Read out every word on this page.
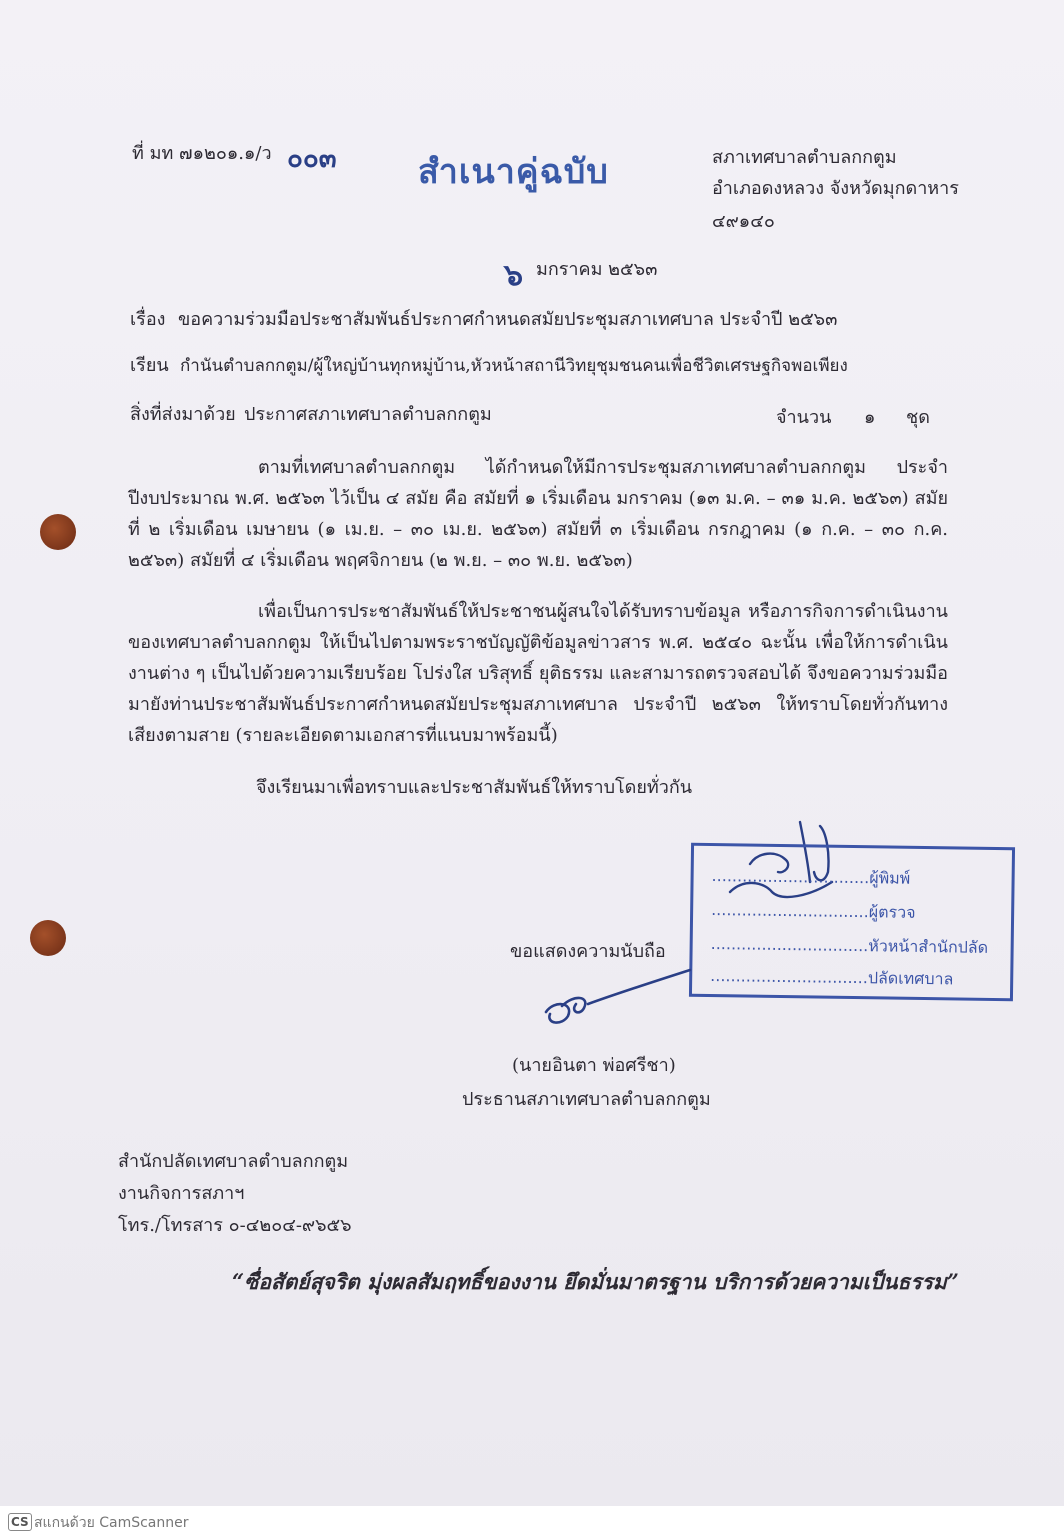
ที่ มท ๗๑๒๐๑.๑/ว ๐๐๓ สำเนาคู่ฉบับ	สภาเทศบาลตำบลกกตูม
อำเภอดงหลวง จังหวัดมุกดาหาร
๔๙๑๔๐
๖ มกราคม ๒๕๖๓
เรื่อง ขอความร่วมมือประชาสัมพันธ์ประกาศกำหนดสมัยประชุมสภาเทศบาล ประจำปี ๒๕๖๓
เรียน กำนันตำบลกกตูม/ผู้ใหญ่บ้านทุกหมู่บ้าน,หัวหน้าสถานีวิทยุชุมชนคนเพื่อชีวิตเศรษฐกิจพอเพียง
สิ่งที่ส่งมาด้วย ประกาศสภาเทศบาลตำบลกกตูม	จำนวน ๑ ชุด
ตามที่เทศบาลตำบลกกตูม ได้กำหนดให้มีการประชุมสภาเทศบาลตำบลกกตูม ประจำปีงบประมาณ พ.ศ. ๒๕๖๓ ไว้เป็น ๔ สมัย คือ สมัยที่ ๑ เริ่มเดือน มกราคม (๑๓ ม.ค. – ๓๑ ม.ค. ๒๕๖๓) สมัยที่ ๒ เริ่มเดือน เมษายน (๑ เม.ย. – ๓๐ เม.ย. ๒๕๖๓) สมัยที่ ๓ เริ่มเดือน กรกฎาคม (๑ ก.ค. – ๓๐ ก.ค. ๒๕๖๓) สมัยที่ ๔ เริ่มเดือน พฤศจิกายน (๒ พ.ย. – ๓๐ พ.ย. ๒๕๖๓)
เพื่อเป็นการประชาสัมพันธ์ให้ประชาชนผู้สนใจได้รับทราบข้อมูล หรือภารกิจการดำเนินงานของเทศบาลตำบลกกตูม ให้เป็นไปตามพระราชบัญญัติข้อมูลข่าวสาร พ.ศ. ๒๕๔๐ ฉะนั้น เพื่อให้การดำเนินงานต่าง ๆ เป็นไปด้วยความเรียบร้อย โปร่งใส บริสุทธิ์ ยุติธรรม และสามารถตรวจสอบได้ จึงขอความร่วมมือมายังท่านประชาสัมพันธ์ประกาศกำหนดสมัยประชุมสภาเทศบาล ประจำปี ๒๕๖๓ ให้ทราบโดยทั่วกันทางเสียงตามสาย (รายละเอียดตามเอกสารที่แนบมาพร้อมนี้)
จึงเรียนมาเพื่อทราบและประชาสัมพันธ์ให้ทราบโดยทั่วกัน
...............................ผู้พิมพ์
...............................ผู้ตรวจ
...............................หัวหน้าสำนักปลัด
...............................ปลัดเทศบาล
ขอแสดงความนับถือ
(นายอินตา พ่อศรีชา)
ประธานสภาเทศบาลตำบลกกตูม
สำนักปลัดเทศบาลตำบลกกตูม
งานกิจการสภาฯ
โทร./โทรสาร ๐-๔๒๐๔-๙๖๕๖
“ซื่อสัตย์สุจริต มุ่งผลสัมฤทธิ์ของงาน ยึดมั่นมาตรฐาน บริการด้วยความเป็นธรรม”
CS สแกนด้วย CamScanner
